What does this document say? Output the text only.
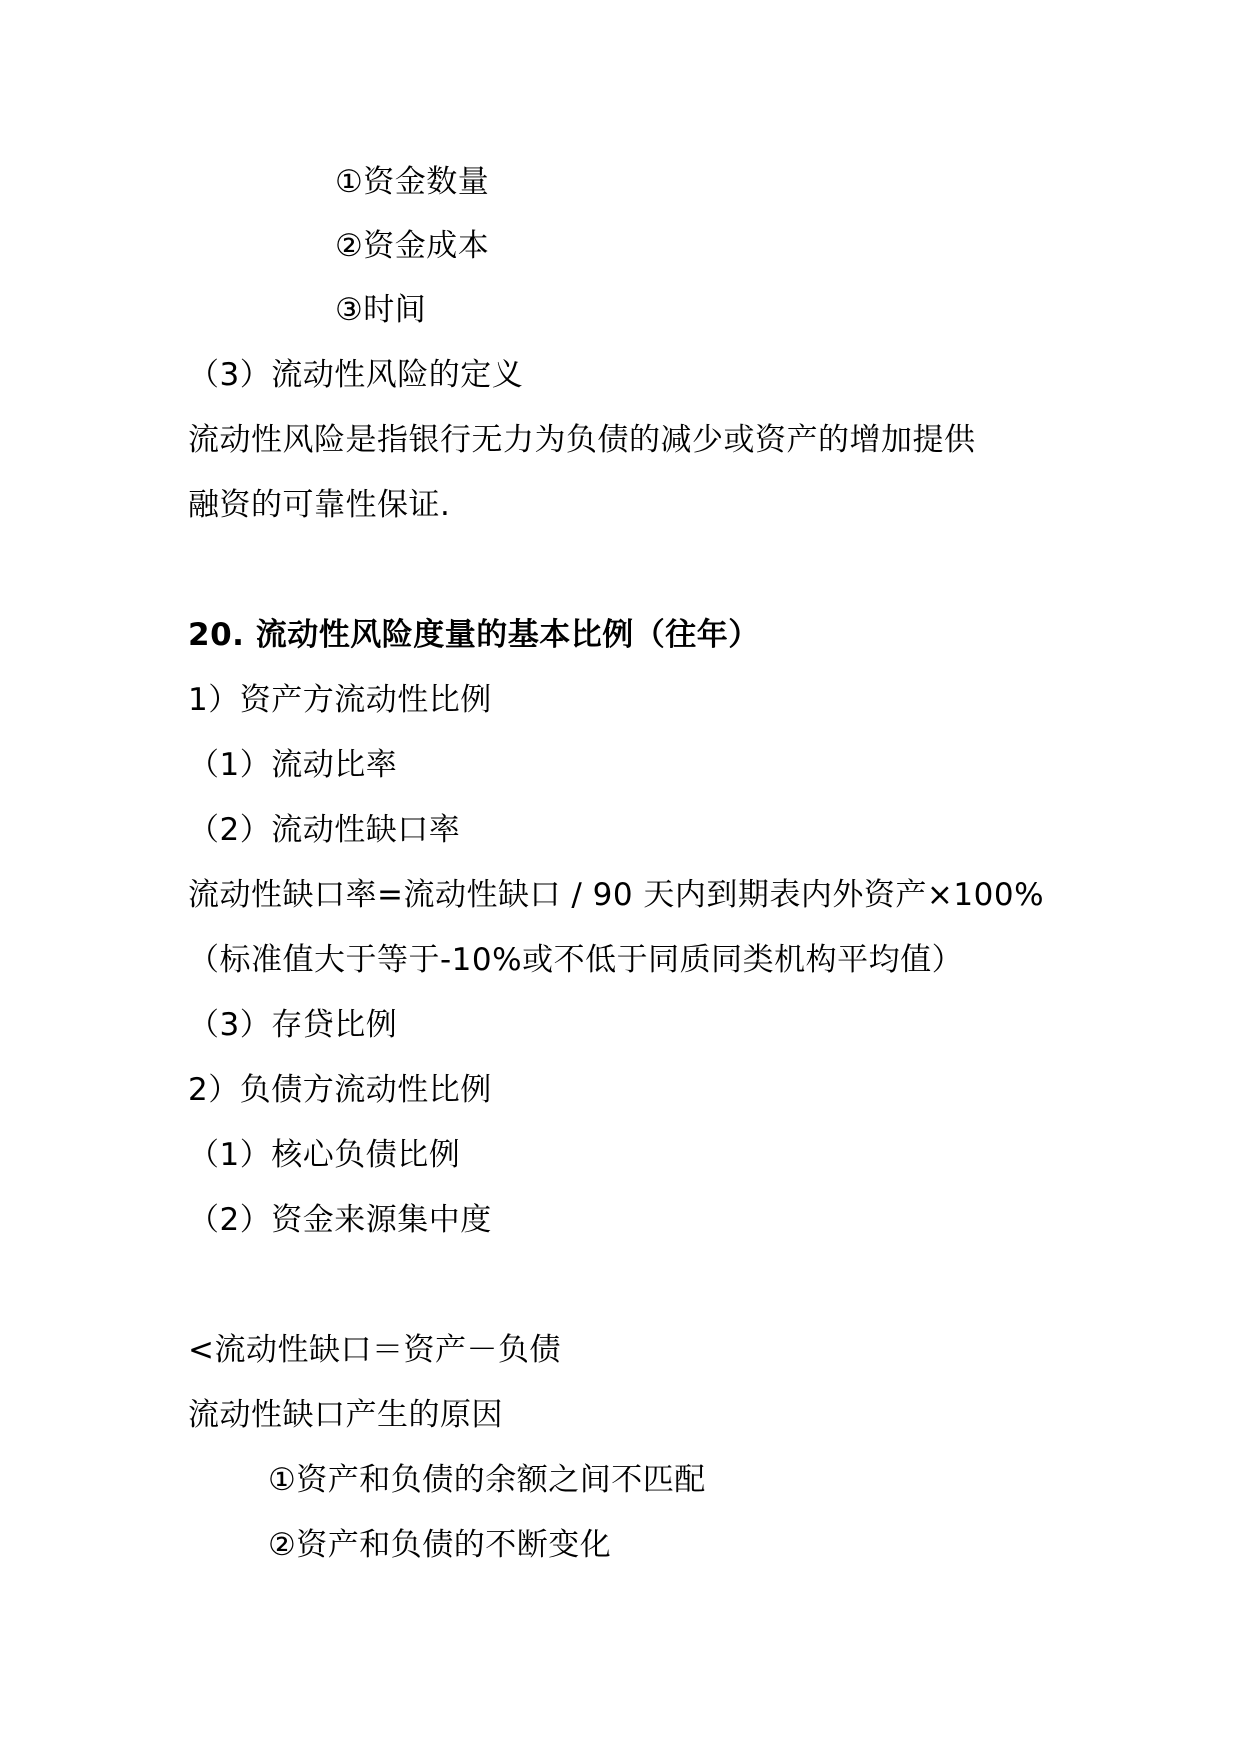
①资金数量
②资金成本
③时间
（3）流动性风险的定义
流动性风险是指银行无力为负债的减少或资产的增加提供
融资的可靠性保证.
20. 流动性风险度量的基本比例（往年）
1）资产方流动性比例
（1）流动比率
（2）流动性缺口率
流动性缺口率=流动性缺口 / 90 天内到期表内外资产×100%
（标准值大于等于-10%或不低于同质同类机构平均值）
（3）存贷比例
2）负债方流动性比例
（1）核心负债比例
（2）资金来源集中度
<流动性缺口＝资产－负债
流动性缺口产生的原因
①资产和负债的余额之间不匹配
②资产和负债的不断变化
